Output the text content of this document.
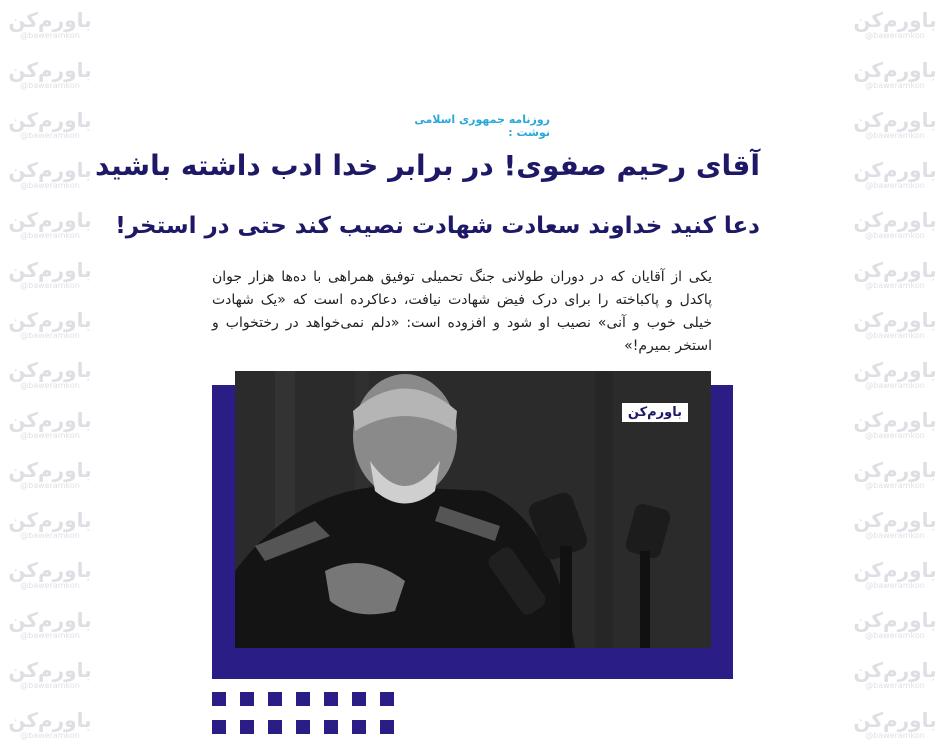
باورم‌کن
@baweramkon
باورم‌کن
@baweramkon
باورم‌کن
@baweramkon
باورم‌کن
@baweramkon
باورم‌کن
@baweramkon
باورم‌کن
@baweramkon
باورم‌کن
@baweramkon
باورم‌کن
@baweramkon
باورم‌کن
@baweramkon
باورم‌کن
@baweramkon
باورم‌کن
@baweramkon
باورم‌کن
@baweramkon
باورم‌کن
@baweramkon
باورم‌کن
@baweramkon
باورم‌کن
@baweramkon
باورم‌کن
@baweramkon
باورم‌کن
@baweramkon
باورم‌کن
@baweramkon
باورم‌کن
@baweramkon
باورم‌کن
@baweramkon
باورم‌کن
@baweramkon
باورم‌کن
@baweramkon
باورم‌کن
@baweramkon
باورم‌کن
@baweramkon
باورم‌کن
@baweramkon
باورم‌کن
@baweramkon
باورم‌کن
@baweramkon
باورم‌کن
@baweramkon
باورم‌کن
@baweramkon
باورم‌کن
@baweramkon
روزنامه جمهوری اسلامی نوشت :
آقای رحیم صفوی! در برابر خدا ادب داشته باشید
دعا کنید خداوند سعادت شهادت نصیب کند حتی در استخر!
یکی از آقایان که در دوران طولانی جنگ تحمیلی توفیق همراهی با ده‌ها هزار جوان پاکدل و پاکباخته را برای درک فیض شهادت نیافت، دعاکرده است که «یک شهادت خیلی خوب و آنی» نصیب او شود و افزوده است: «دلم نمی‌خواهد در رختخواب و استخر بمیرم!»
باورم‌کن
